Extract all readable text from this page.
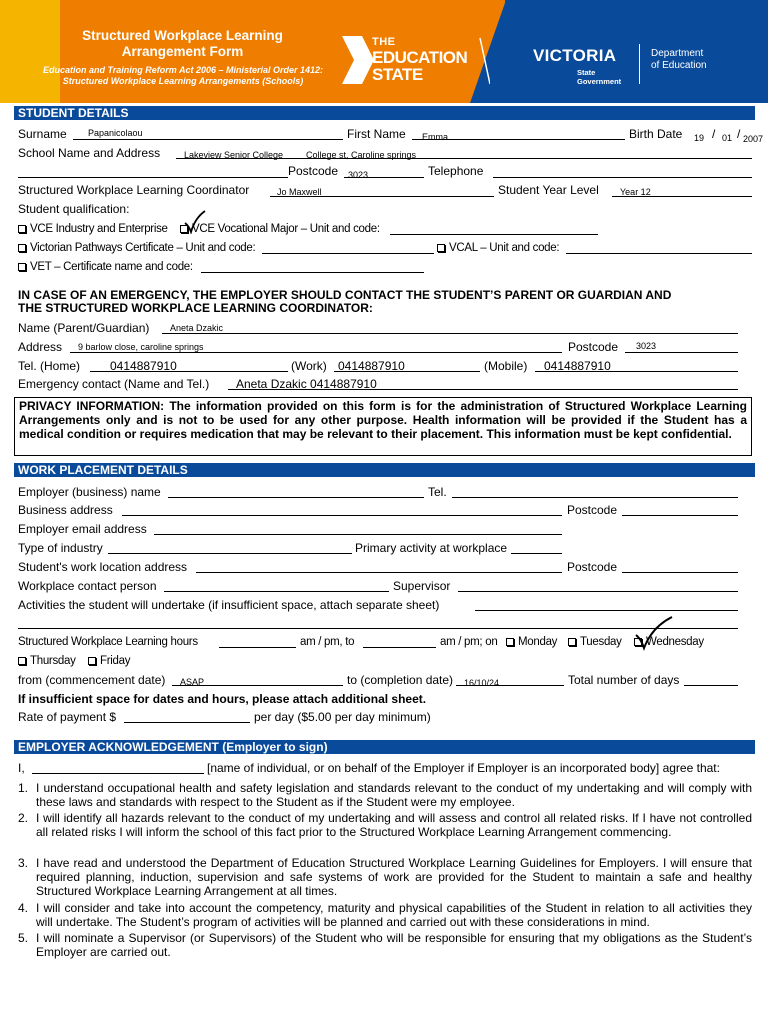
Structured Workplace Learning
Arrangement Form
Education and Training Reform Act 2006 – Ministerial Order 1412:
Structured Workplace Learning Arrangements (Schools)
THE
EDUCATION
STATE
VICTORIA
State
Government
Department
of Education
STUDENT DETAILS
Surname Papanicolaou	First Name Emma	Birth Date 19 / 01 / 2007
School Name and Address	Lakeview Senior College	College st, Caroline springs
Postcode 3023	Telephone
Structured Workplace Learning Coordinator	Jo Maxwell	Student Year Level Year 12
Student qualification:
VCE Industry and Enterprise	VCE Vocational Major – Unit and code:
Victorian Pathways Certificate – Unit and code:	VCAL – Unit and code:
VET – Certificate name and code:
IN CASE OF AN EMERGENCY, THE EMPLOYER SHOULD CONTACT THE STUDENT’S PARENT OR GUARDIAN AND
THE STRUCTURED WORKPLACE LEARNING COORDINATOR:
Name (Parent/Guardian) Aneta Dzakic
Address 9 barlow close, caroline springs	Postcode 3023
Tel. (Home) 0414887910	(Work) 0414887910	(Mobile) 0414887910
Emergency contact (Name and Tel.) Aneta Dzakic 0414887910
PRIVACY INFORMATION: The information provided on this form is for the administration of Structured Workplace Learning Arrangements only and is not to be used for any other purpose. Health information will be provided if the Student has a medical condition or requires medication that may be relevant to their placement. This information must be kept confidential.
WORK PLACEMENT DETAILS
Employer (business) name	Tel.
Business address	Postcode
Employer email address
Type of industry	Primary activity at workplace
Student's work location address	Postcode
Workplace contact person	Supervisor
Activities the student will undertake (if insufficient space, attach separate sheet)
Structured Workplace Learning hours	am / pm, to	am / pm; on	Monday	Tuesday	Wednesday
Thursday	Friday
from (commencement date) ASAP	to (completion date) 16/10/24	Total number of days
If insufficient space for dates and hours, please attach additional sheet.
Rate of payment $	per day ($5.00 per day minimum)
EMPLOYER ACKNOWLEDGEMENT (Employer to sign)
I,	[name of individual, or on behalf of the Employer if Employer is an incorporated body] agree that:
1. I understand occupational health and safety legislation and standards relevant to the conduct of my undertaking and will comply with these laws and standards with respect to the Student as if the Student were my employee.
2. I will identify all hazards relevant to the conduct of my undertaking and will assess and control all related risks. If I have not controlled all related risks I will inform the school of this fact prior to the Structured Workplace Learning Arrangement commencing.
3. I have read and understood the Department of Education Structured Workplace Learning Guidelines for Employers. I will ensure that required planning, induction, supervision and safe systems of work are provided for the Student to maintain a safe and healthy Structured Workplace Learning Arrangement at all times.
4. I will consider and take into account the competency, maturity and physical capabilities of the Student in relation to all activities they will undertake. The Student’s program of activities will be planned and carried out with these considerations in mind.
5. I will nominate a Supervisor (or Supervisors) of the Student who will be responsible for ensuring that my obligations as the Student’s Employer are carried out.
